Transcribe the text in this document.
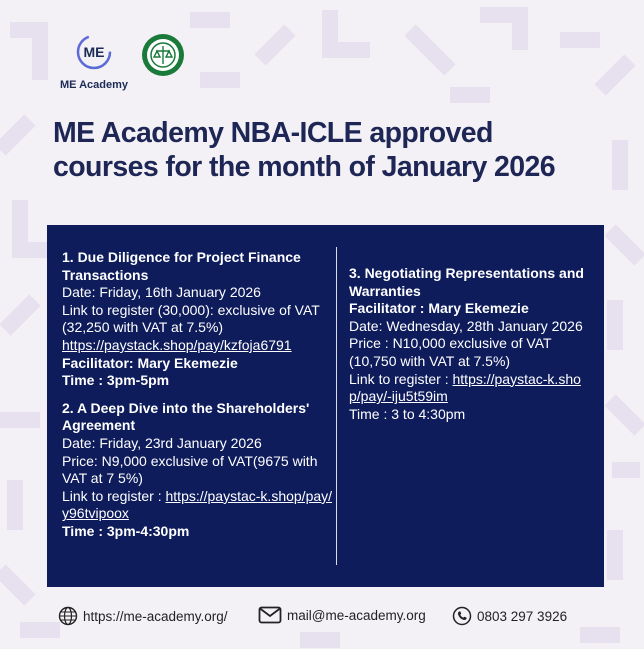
ME
ME Academy
ME Academy NBA-ICLE approved
courses for the month of January 2026
1. Due Diligence for Project Finance Transactions
Date: Friday, 16th January 2026
Link to register (30,000): exclusive of VAT (32,250 with VAT at 7.5%)
https://paystack.shop/pay/kzfoja6791
Facilitator: Mary Ekemezie
Time : 3pm-5pm
2. A Deep Dive into the Shareholders' Agreement
Date: Friday, 23rd January 2026
Price: N9,000 exclusive of VAT(9675 with VAT at 7 5%)
Link to register : https://paystac-k.shop/pay/y96tvipoox
Time : 3pm-4:30pm
3. Negotiating Representations and Warranties
Facilitator : Mary Ekemezie
Date: Wednesday, 28th January 2026
Price : N10,000 exclusive of VAT (10,750 with VAT at 7.5%)
Link to register : https://paystac-k.shop/pay/-iju5t59im
Time : 3 to 4:30pm
https://me-academy.org/	mail@me-academy.org	0803 297 3926
